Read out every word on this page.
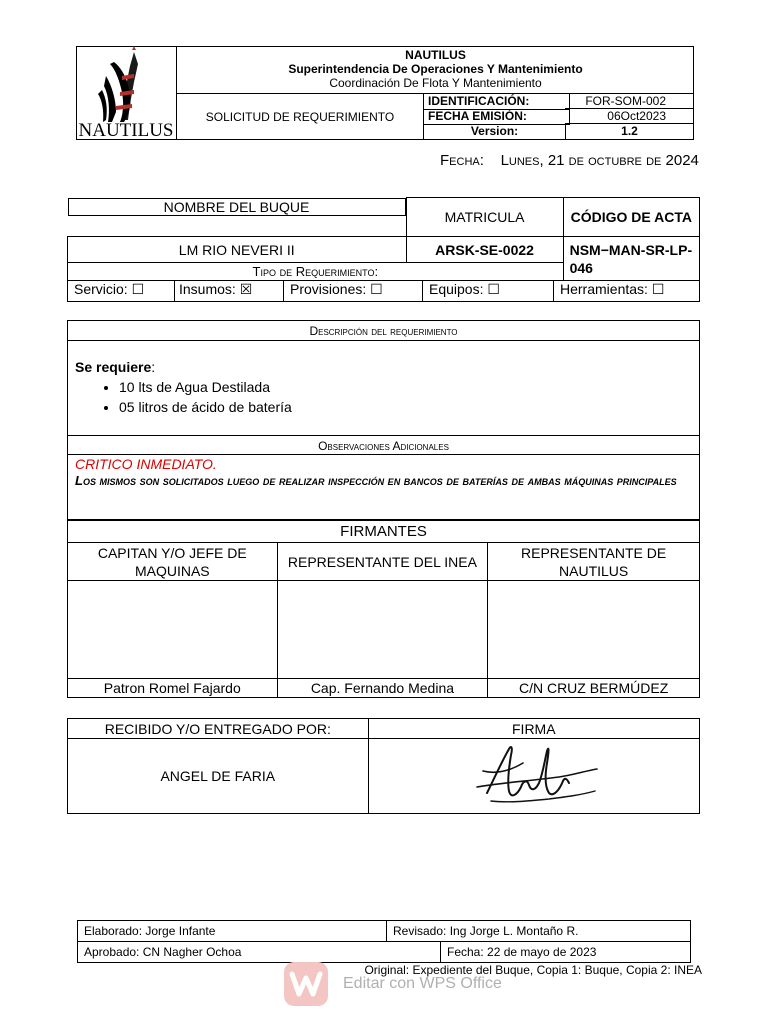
NAUTILUS
NAUTILUS
Superintendencia De Operaciones Y Mantenimiento
Coordinación De Flota Y Mantenimiento
SOLICITUD DE REQUERIMIENTO
IDENTIFICACIÓN:	FOR-SOM-002
FECHA EMISIÓN:	06Oct2023
Version:	1.2
Fecha: Lunes, 21 de octubre de 2024
NOMBRE DEL BUQUE
MATRICULA	CÓDIGO DE ACTA
LM RIO NEVERI II	ARSK-SE-0022	NSM−MAN-SR-LP-046
Tipo de Requerimiento:		

Servicio: ☐ Insumos: ☒ Provisiones: ☐ Equipos: ☐ Herramientas: ☐		
Descripción del requerimiento
Se requiere:
• 10 lts de Agua Destilada
• 05 litros de ácido de batería
Observaciones Adicionales
CRITICO INMEDIATO.
Los mismos son solicitados luego de realizar inspección en bancos de baterías de ambas máquinas principales
FIRMANTES		
CAPITAN Y/O JEFE DE MAQUINAS	REPRESENTANTE DEL INEA	REPRESENTANTE DE NAUTILUS

Patron Romel Fajardo	Cap. Fernando Medina	C/N CRUZ BERMÚDEZ
RECIBIDO Y/O ENTREGADO POR:	FIRMA
ANGEL DE FARIA	
Elaborado: Jorge Infante	Revisado: Ing Jorge L. Montaño R.	
Aprobado: CN Nagher Ochoa		Fecha: 22 de mayo de 2023
Original: Expediente del Buque, Copia 1: Buque, Copia 2: INEA
Editar con WPS Office
